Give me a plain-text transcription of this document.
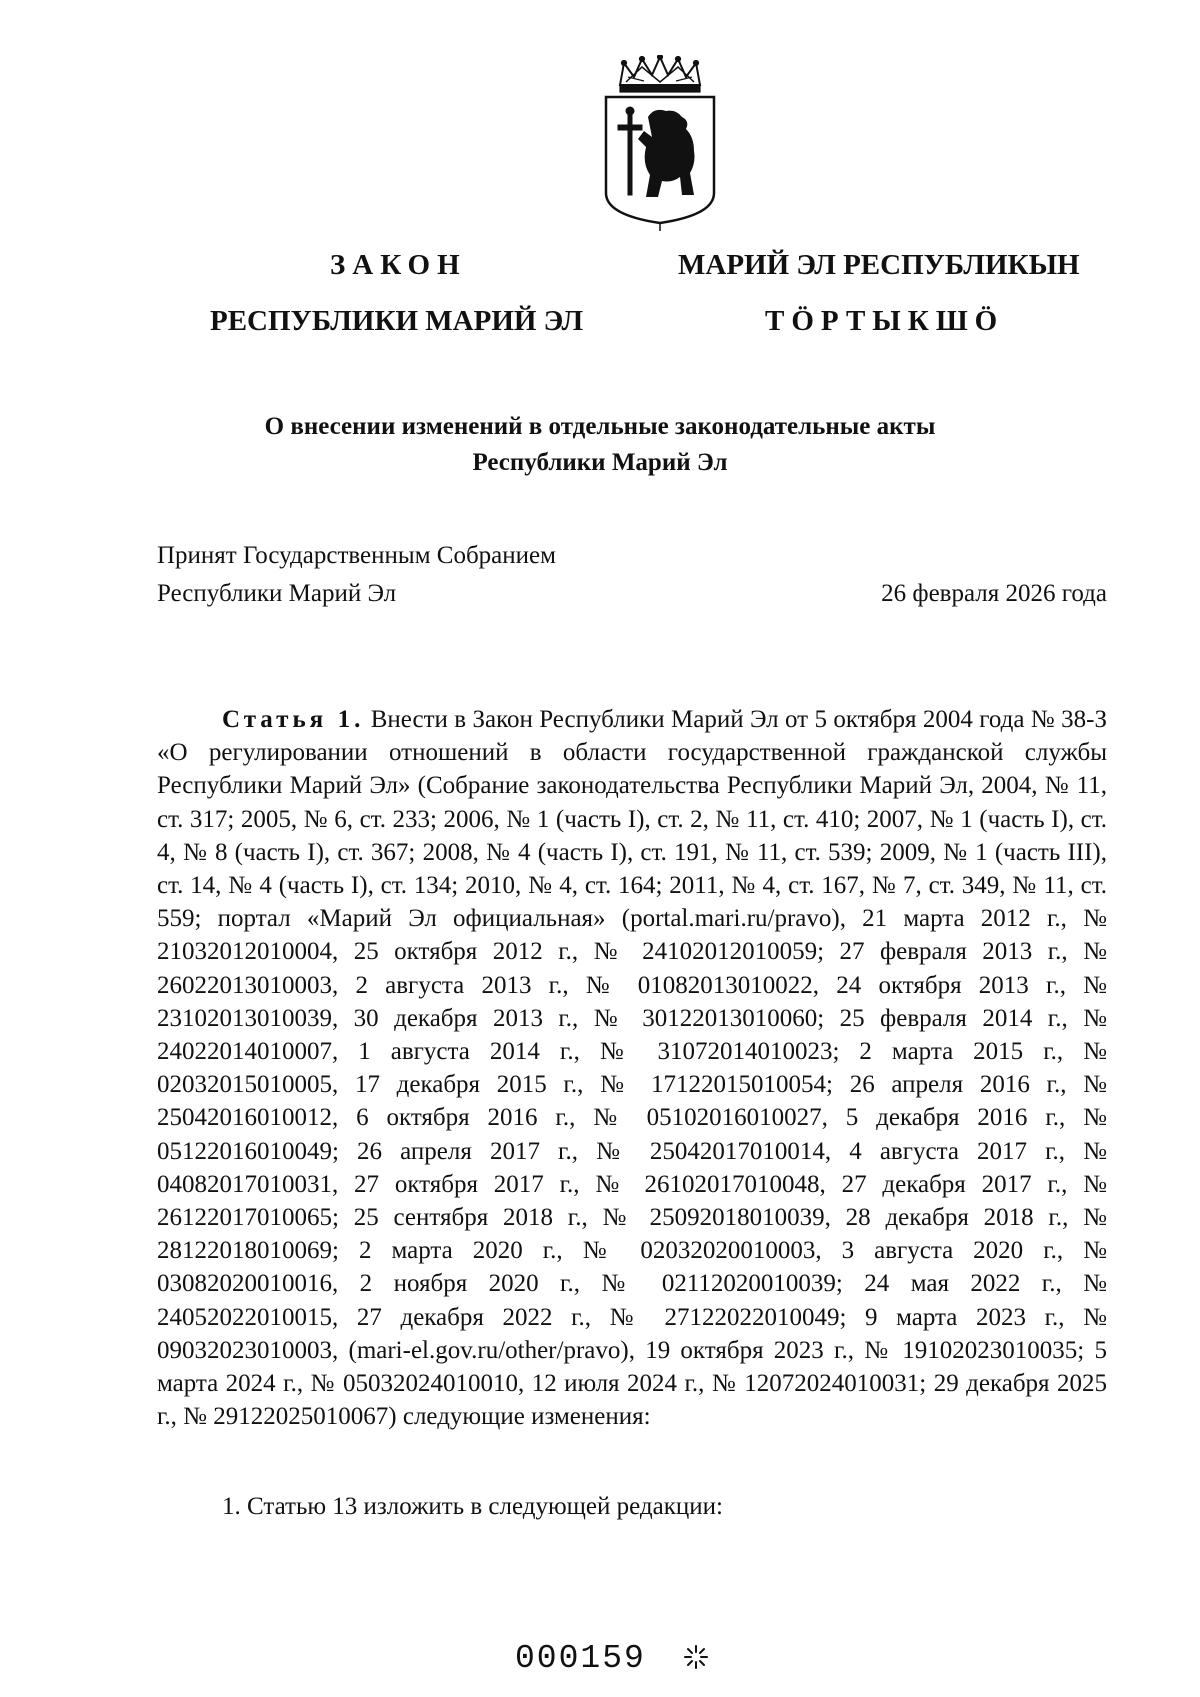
ЗАКОН
РЕСПУБЛИКИ МАРИЙ ЭЛ
МАРИЙ ЭЛ РЕСПУБЛИКЫН
ТӦРТЫКШӦ
О внесении изменений в отдельные законодательные акты
Республики Марий Эл
Принят Государственным Собранием
Республики Марий Эл	26 февраля 2026 года

Статья 1. Внести в Закон Республики Марий Эл от 5 октября 2004 года № 38-З «О регулировании отношений в области государственной гражданской службы Республики Марий Эл» (Собрание законодательства Республики Марий Эл, 2004, № 11, ст. 317; 2005, № 6, ст. 233; 2006, № 1 (часть I), ст. 2, № 11, ст. 410; 2007, № 1 (часть I), ст. 4, № 8 (часть I), ст. 367; 2008, № 4 (часть I), ст. 191, № 11, ст. 539; 2009, № 1 (часть III), ст. 14, № 4 (часть I), ст. 134; 2010, № 4, ст. 164; 2011, № 4, ст. 167, № 7, ст. 349, № 11, ст. 559; портал «Марий Эл официальная» (portal.mari.ru/pravo), 21 марта 2012 г., № 21032012010004, 25 октября 2012 г., № 24102012010059; 27 февраля 2013 г., № 26022013010003, 2 августа 2013 г., № 01082013010022, 24 октября 2013 г., № 23102013010039, 30 декабря 2013 г., № 30122013010060; 25 февраля 2014 г., № 24022014010007, 1 августа 2014 г., № 31072014010023; 2 марта 2015 г., № 02032015010005, 17 декабря 2015 г., № 17122015010054; 26 апреля 2016 г., № 25042016010012, 6 октября 2016 г., № 05102016010027, 5 декабря 2016 г., № 05122016010049; 26 апреля 2017 г., № 25042017010014, 4 августа 2017 г., № 04082017010031, 27 октября 2017 г., № 26102017010048, 27 декабря 2017 г., № 26122017010065; 25 сентября 2018 г., № 25092018010039, 28 декабря 2018 г., № 28122018010069; 2 марта 2020 г., № 02032020010003, 3 августа 2020 г., № 03082020010016, 2 ноября 2020 г., № 02112020010039; 24 мая 2022 г., № 24052022010015, 27 декабря 2022 г., № 27122022010049; 9 марта 2023 г., № 09032023010003, (mari-el.gov.ru/other/pravo), 19 октября 2023 г., № 19102023010035; 5 марта 2024 г., № 05032024010010, 12 июля 2024 г., № 12072024010031; 29 декабря 2025 г., № 29122025010067) следующие изменения:

1. Статью 13 изложить в следующей редакции:
000159
